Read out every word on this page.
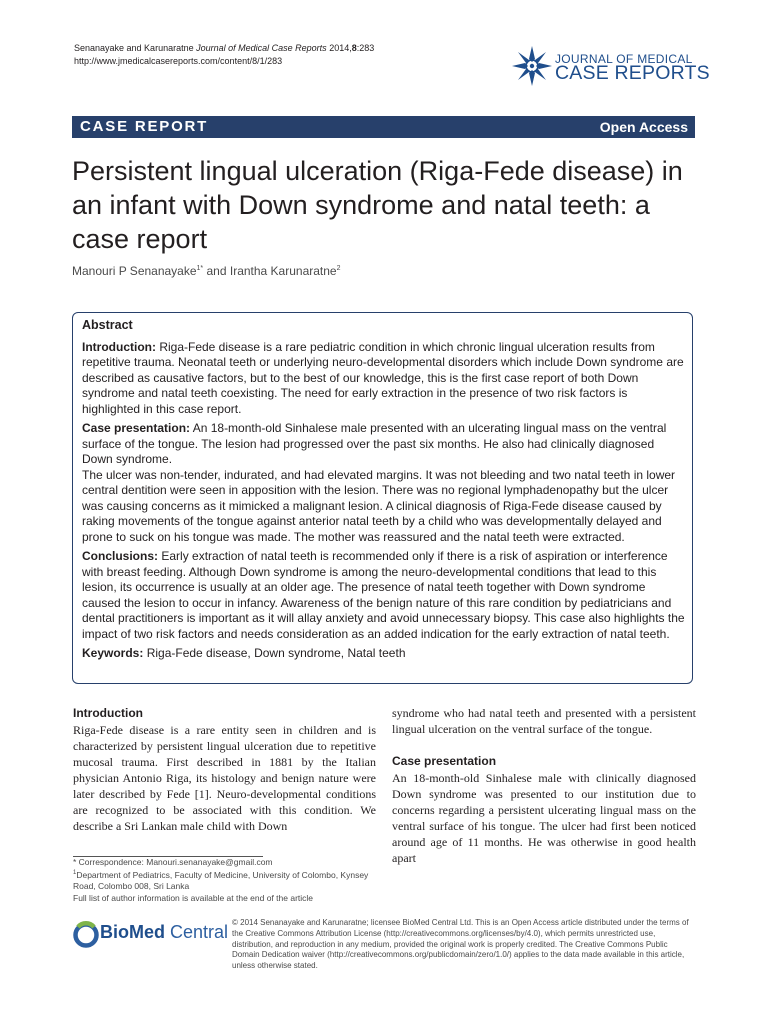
Senanayake and Karunaratne Journal of Medical Case Reports 2014,8:283
http://www.jmedicalcasereports.com/content/8/1/283	JOURNAL OF MEDICAL
CASE REPORTS
CASE REPORT	Open Access
Persistent lingual ulceration (Riga-Fede disease) in an infant with Down syndrome and natal teeth: a case report
Manouri P Senanayake$^{1*}$ and Irantha Karunaratne$^2$
Abstract

Introduction: Riga-Fede disease is a rare pediatric condition in which chronic lingual ulceration results from repetitive trauma. Neonatal teeth or underlying neuro-developmental disorders which include Down syndrome are described as causative factors, but to the best of our knowledge, this is the first case report of both Down syndrome and natal teeth coexisting. The need for early extraction in the presence of two risk factors is highlighted in this case report.

Case presentation: An 18-month-old Sinhalese male presented with an ulcerating lingual mass on the ventral surface of the tongue. The lesion had progressed over the past six months. He also had clinically diagnosed Down syndrome.
The ulcer was non-tender, indurated, and had elevated margins. It was not bleeding and two natal teeth in lower central dentition were seen in apposition with the lesion. There was no regional lymphadenopathy but the ulcer was causing concerns as it mimicked a malignant lesion. A clinical diagnosis of Riga-Fede disease caused by raking movements of the tongue against anterior natal teeth by a child who was developmentally delayed and prone to suck on his tongue was made. The mother was reassured and the natal teeth were extracted.

Conclusions: Early extraction of natal teeth is recommended only if there is a risk of aspiration or interference with breast feeding. Although Down syndrome is among the neuro-developmental conditions that lead to this lesion, its occurrence is usually at an older age. The presence of natal teeth together with Down syndrome caused the lesion to occur in infancy. Awareness of the benign nature of this rare condition by pediatricians and dental practitioners is important as it will allay anxiety and avoid unnecessary biopsy. This case also highlights the impact of two risk factors and needs consideration as an added indication for the early extraction of natal teeth.

Keywords: Riga-Fede disease, Down syndrome, Natal teeth

Introduction

Riga-Fede disease is a rare entity seen in children and is characterized by persistent lingual ulceration due to repetitive mucosal trauma. First described in 1881 by the Italian physician Antonio Riga, its histology and benign nature were later described by Fede [1]. Neuro-developmental conditions are recognized to be associated with this condition. We describe a Sri Lankan male child with Down

syndrome who had natal teeth and presented with a persistent lingual ulceration on the ventral surface of the tongue.

Case presentation

An 18-month-old Sinhalese male with clinically diagnosed Down syndrome was presented to our institution due to concerns regarding a persistent ulcerating lingual mass on the ventral surface of his tongue. The ulcer had first been noticed around age of 11 months. He was otherwise in good health apart

* Correspondence: Manouri.senanayake@gmail.com

$^1$Department of Pediatrics, Faculty of Medicine, University of Colombo, Kynsey Road, Colombo 008, Sri Lanka

Full list of author information is available at the end of the article

BioMed Central © 2014 Senanayake and Karunaratne; licensee BioMed Central Ltd. This is an Open Access article distributed under the terms of the Creative Commons Attribution License (http://creativecommons.org/licenses/by/4.0), which permits unrestricted use, distribution, and reproduction in any medium, provided the original work is properly credited. The Creative Commons Public Domain Dedication waiver (http://creativecommons.org/publicdomain/zero/1.0/) applies to the data made available in this article, unless otherwise stated.
